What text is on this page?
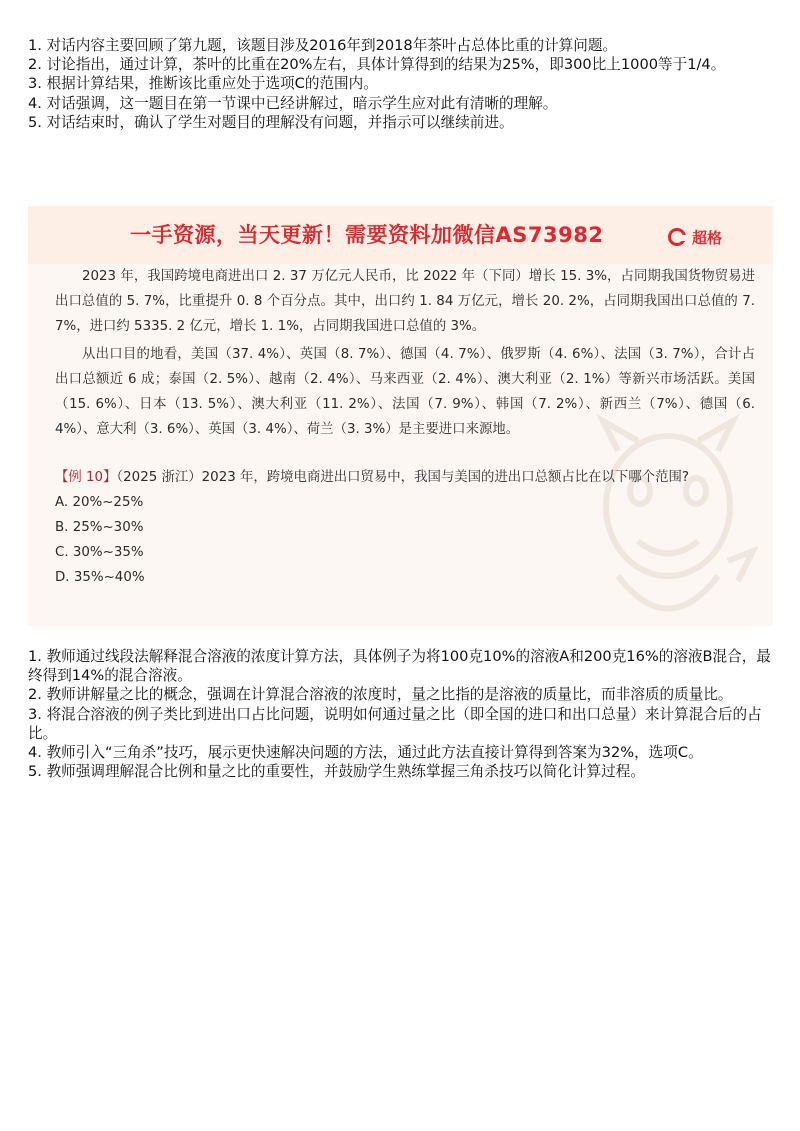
1. 对话内容主要回顾了第九题，该题目涉及2016年到2018年茶叶占总体比重的计算问题。

2. 讨论指出，通过计算，茶叶的比重在20%左右，具体计算得到的结果为25%，即300比上1000等于1/4。

3. 根据计算结果，推断该比重应处于选项C的范围内。

4. 对话强调，这一题目在第一节课中已经讲解过，暗示学生应对此有清晰的理解。

5. 对话结束时，确认了学生对题目的理解没有问题，并指示可以继续前进。

一手资源，当天更新！需要资料加微信AS73982	超格
2023 年，我国跨境电商进出口 2. 37 万亿元人民币，比 2022 年（下同）增长 15. 3%，占同期我国货物贸易进出口总值的 5. 7%，比重提升 0. 8 个百分点。其中，出口约 1. 84 万亿元，增长 20. 2%，占同期我国出口总值的 7. 7%，进口约 5335. 2 亿元，增长 1. 1%，占同期我国进口总值的 3%。
从出口目的地看，美国（37. 4%）、英国（8. 7%）、德国（4. 7%）、俄罗斯（4. 6%）、法国（3. 7%），合计占出口总额近 6 成；泰国（2. 5%）、越南（2. 4%）、马来西亚（2. 4%）、澳大利亚（2. 1%）等新兴市场活跃。美国（15. 6%）、日本（13. 5%）、澳大利亚（11. 2%）、法国（7. 9%）、韩国（7. 2%）、新西兰（7%）、德国（6. 4%）、意大利（3. 6%）、英国（3. 4%）、荷兰（3. 3%）是主要进口来源地。
【例 10】（2025 浙江）2023 年，跨境电商进出口贸易中，我国与美国的进出口总额占比在以下哪个范围?
A. 20%~25%
B. 25%~30%
C. 30%~35%
D. 35%~40%

1. 教师通过线段法解释混合溶液的浓度计算方法，具体例子为将100克10%的溶液A和200克16%的溶液B混合，最终得到14%的混合溶液。

2. 教师讲解量之比的概念，强调在计算混合溶液的浓度时，量之比指的是溶液的质量比，而非溶质的质量比。

3. 将混合溶液的例子类比到进出口占比问题，说明如何通过量之比（即全国的进口和出口总量）来计算混合后的占比。

4. 教师引入“三角杀”技巧，展示更快速解决问题的方法，通过此方法直接计算得到答案为32%，选项C。

5. 教师强调理解混合比例和量之比的重要性，并鼓励学生熟练掌握三角杀技巧以简化计算过程。
